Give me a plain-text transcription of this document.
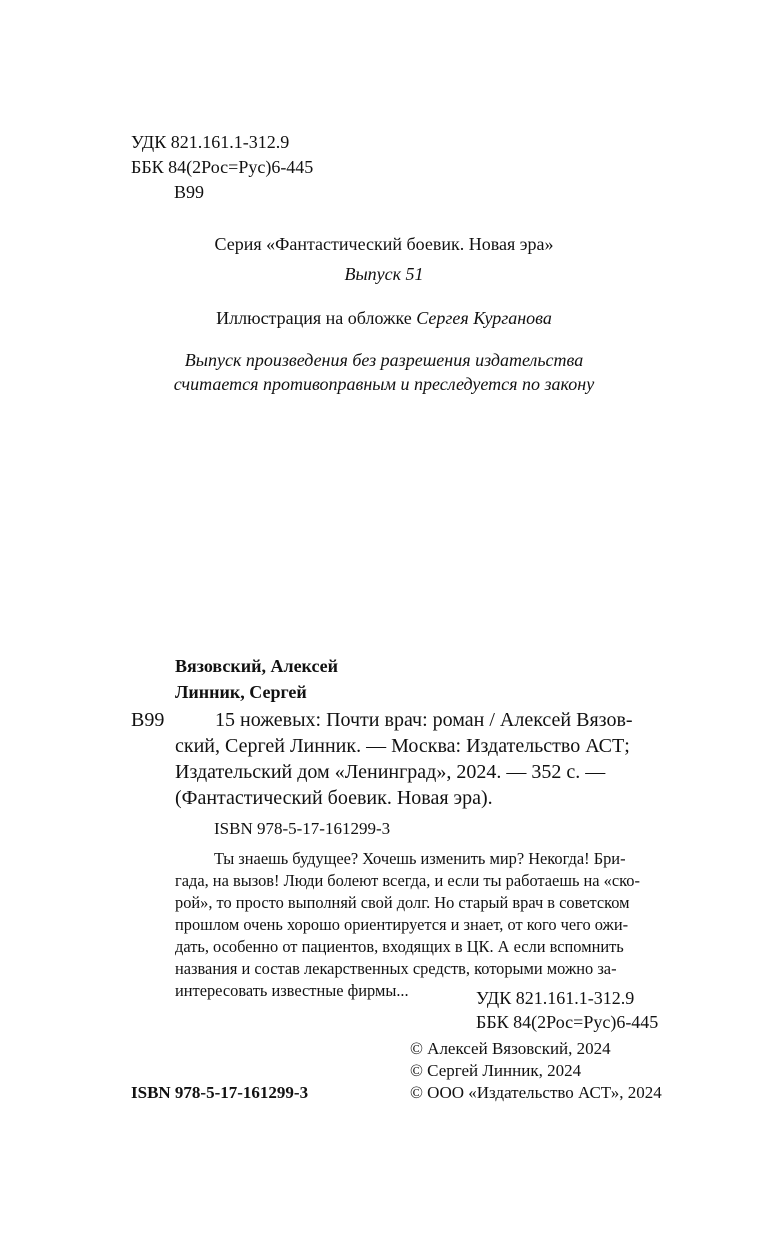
УДК 821.161.1-312.9
ББК 84(2Рос=Рус)6-445
В99
Серия «Фантастический боевик. Новая эра»
Выпуск 51
Иллюстрация на обложке Сергея Курганова
Выпуск произведения без разрешения издательства
считается противоправным и преследуется по закону
Вязовский, Алексей
Линник, Сергей
В99	15 ножевых: Почти врач: роман / Алексей Вязов-
ский, Сергей Линник. — Москва: Издательство АСТ;
Издательский дом «Ленинград», 2024. — 352 с. —
(Фантастический боевик. Новая эра).
ISBN 978-5-17-161299-3
Ты знаешь будущее? Хочешь изменить мир? Некогда! Бри-
гада, на вызов! Люди болеют всегда, и если ты работаешь на «ско-
рой», то просто выполняй свой долг. Но старый врач в советском
прошлом очень хорошо ориентируется и знает, от кого чего ожи-
дать, особенно от пациентов, входящих в ЦК. А если вспомнить
названия и состав лекарственных средств, которыми можно за-
интересовать известные фирмы...	УДК 821.161.1-312.9
ББК 84(2Рос=Рус)6-445
© Алексей Вязовский, 2024
© Сергей Линник, 2024
© ООО «Издательство АСТ», 2024
ISBN 978-5-17-161299-3
